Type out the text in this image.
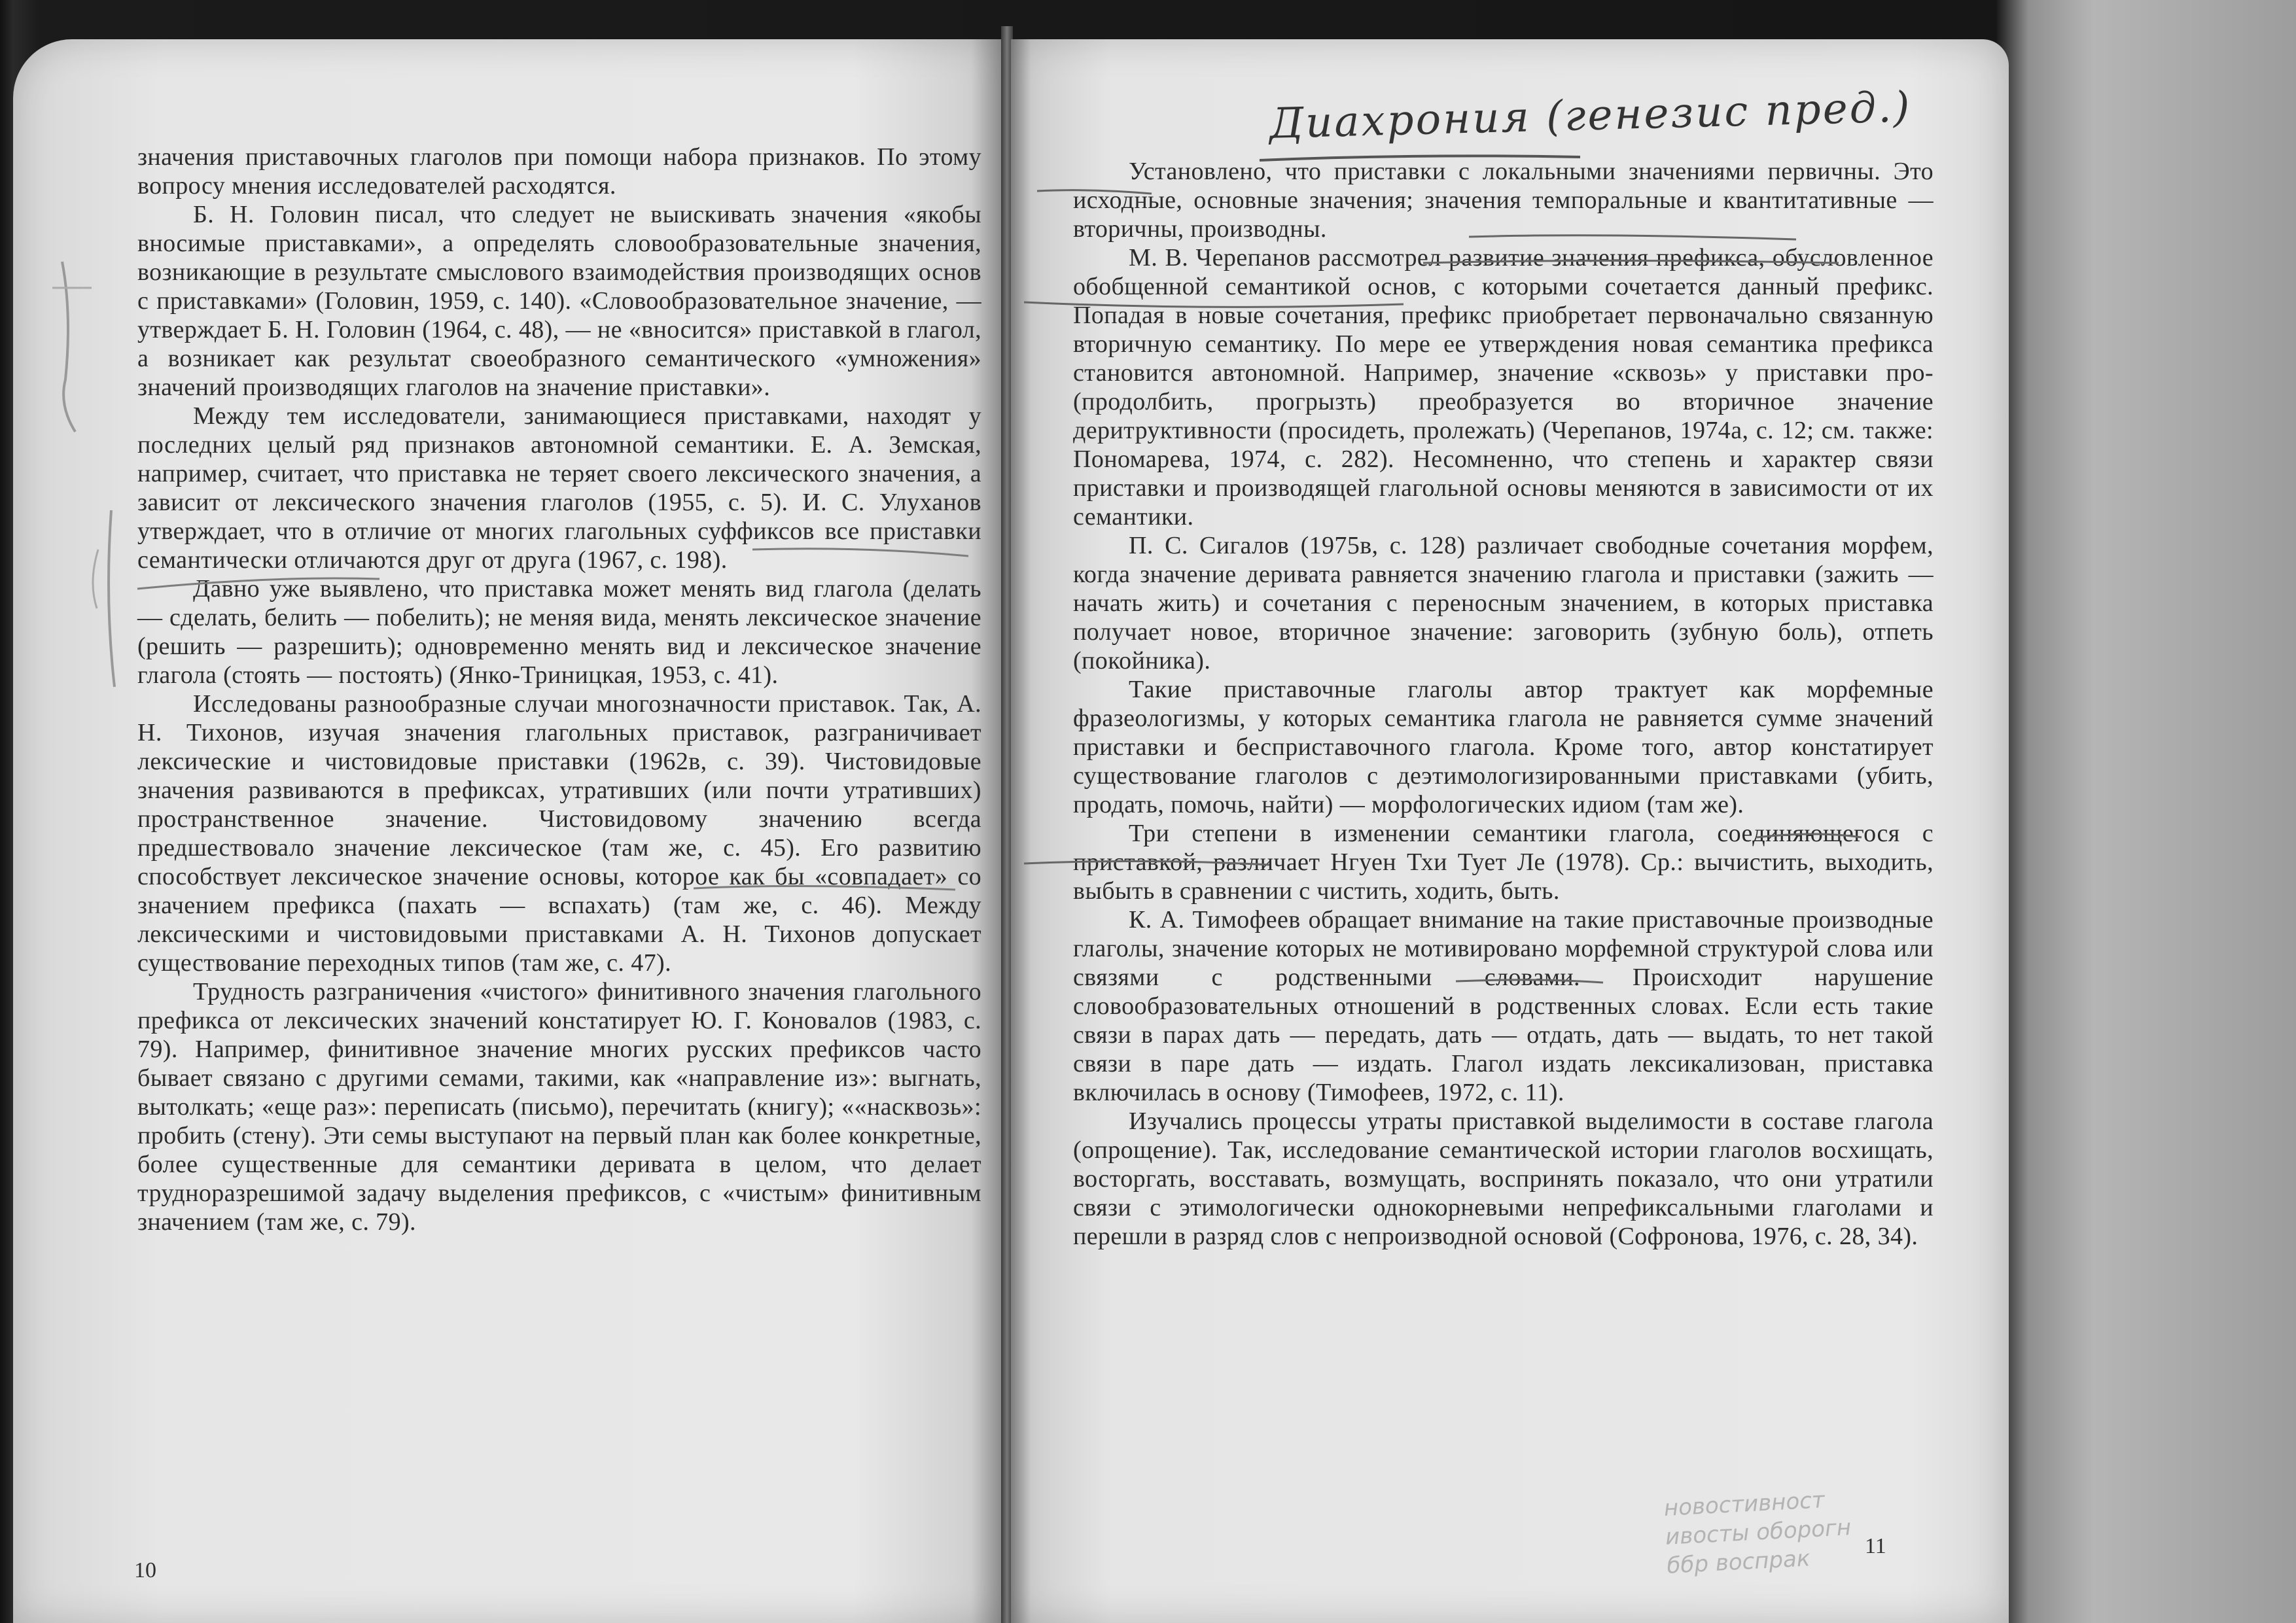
значения приставочных глаголов при помощи набора признаков. По этому вопросу мнения исследователей расходятся.

Б. Н. Головин писал, что следует не выискивать значения «якобы вносимые приставками», а определять словообразовательные значения, возникающие в результате смыслового взаимодействия производящих основ с приставками» (Головин, 1959, с. 140). «Словообразовательное значение, — утверждает Б. Н. Головин (1964, с. 48), — не «вносится» приставкой в глагол, а возникает как результат своеобразного семантического «умножения» значений производящих глаголов на значение приставки».

Между тем исследователи, занимающиеся приставками, находят у последних целый ряд признаков автономной семантики. Е. А. Земская, например, считает, что приставка не теряет своего лексического значения, а зависит от лексического значения глаголов (1955, с. 5). И. С. Улуханов утверждает, что в отличие от многих глагольных суффиксов все приставки семантически отличаются друг от друга (1967, с. 198).

Давно уже выявлено, что приставка может менять вид глагола (делать — сделать, белить — побелить); не меняя вида, менять лексическое значение (решить — разрешить); одновременно менять вид и лексическое значение глагола (стоять — постоять) (Янко-Триницкая, 1953, с. 41).

Исследованы разнообразные случаи многозначности приставок. Так, А. Н. Тихонов, изучая значения глагольных приставок, разграничивает лексические и чистовидовые приставки (1962в, с. 39). Чистовидовые значения развиваются в префиксах, утративших (или почти утративших) пространственное значение. Чистовидовому значению всегда предшествовало значение лексическое (там же, с. 45). Его развитию способствует лексическое значение основы, которое как бы «совпадает» со значением префикса (пахать — вспахать) (там же, с. 46). Между лексическими и чистовидовыми приставками А. Н. Тихонов допускает существование переходных типов (там же, с. 47).

Трудность разграничения «чистого» финитивного значения глагольного префикса от лексических значений констатирует Ю. Г. Коновалов (1983, с. 79). Например, финитивное значение многих русских префиксов часто бывает связано с другими семами, такими, как «направление из»: выгнать, вытолкать; «еще раз»: переписать (письмо), перечитать (книгу); ««насквозь»: пробить (стену). Эти семы выступают на первый план как более конкретные, более существенные для семантики деривата в целом, что делает трудноразрешимой задачу выделения префиксов, с «чистым» финитивным значением (там же, с. 79).

10
Диахрония (генезис пред.)

Установлено, что приставки с локальными значениями первичны. Это исходные, основные значения; значения темпоральные и квантитативные — вторичны, производны.

М. В. Черепанов рассмотрел развитие значения префикса, обусловленное обобщенной семантикой основ, с которыми сочетается данный префикс. Попадая в новые сочетания, префикс приобретает первоначально связанную вторичную семантику. По мере ее утверждения новая семантика префикса становится автономной. Например, значение «сквозь» у приставки про- (продолбить, прогрызть) преобразуется во вторичное значение деритруктивности (просидеть, пролежать) (Черепанов, 1974а, с. 12; см. также: Пономарева, 1974, с. 282). Несомненно, что степень и характер связи приставки и производящей глагольной основы меняются в зависимости от их семантики.

П. С. Сигалов (1975в, с. 128) различает свободные сочетания морфем, когда значение деривата равняется значению глагола и приставки (зажить — начать жить) и сочетания с переносным значением, в которых приставка получает новое, вторичное значение: заговорить (зубную боль), отпеть (покойника).

Такие приставочные глаголы автор трактует как морфемные фразеологизмы, у которых семантика глагола не равняется сумме значений приставки и бесприставочного глагола. Кроме того, автор констатирует существование глаголов с деэтимологизированными приставками (убить, продать, помочь, найти) — морфологических идиом (там же).

Три степени в изменении семантики глагола, соединяющегося с приставкой, различает Нгуен Тхи Тует Ле (1978). Ср.: вычистить, выходить, выбыть в сравнении с чистить, ходить, быть.

К. А. Тимофеев обращает внимание на такие приставочные производные глаголы, значение которых не мотивировано морфемной структурой слова или связями с родственными словами. Происходит нарушение словообразовательных отношений в родственных словах. Если есть такие связи в парах дать — передать, дать — отдать, дать — выдать, то нет такой связи в паре дать — издать. Глагол издать лексикализован, приставка включилась в основу (Тимофеев, 1972, с. 11).

Изучались процессы утраты приставкой выделимости в составе глагола (опрощение). Так, исследование семантической истории глаголов восхищать, восторгать, восставать, возмущать, воспринять показало, что они утратили связи с этимологически однокорневыми непрефиксальными глаголами и перешли в разряд слов с непроизводной основой (Софронова, 1976, с. 28, 34).

новостивност ивосты оборогн ббр воспрак	11
